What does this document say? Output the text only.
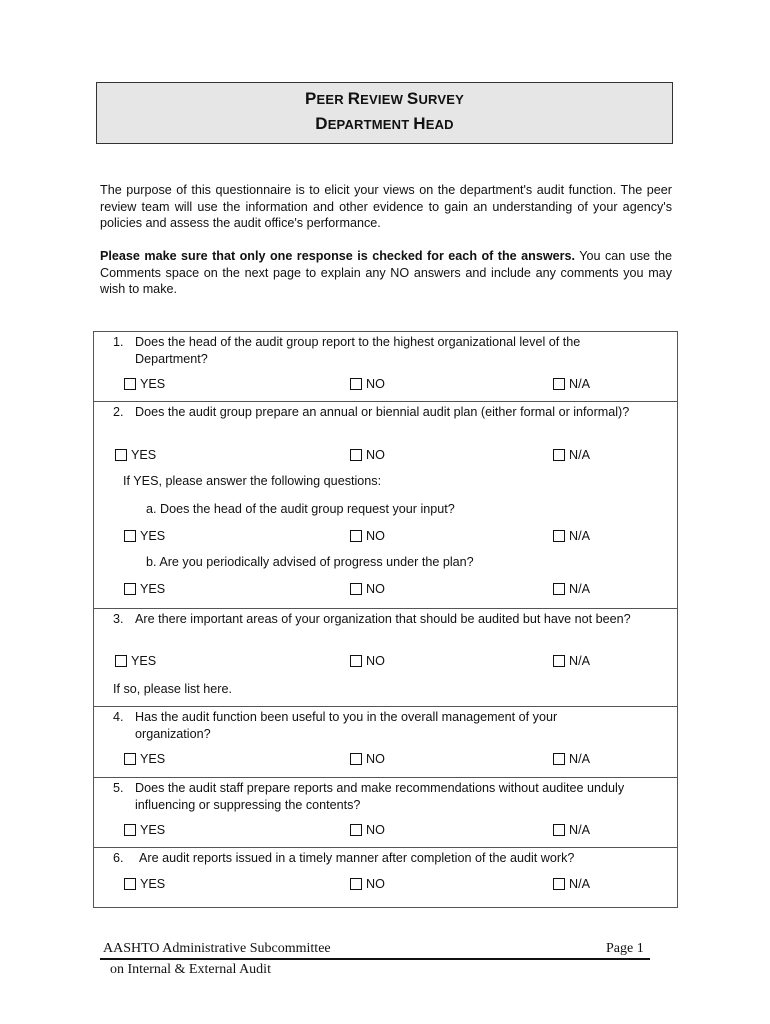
PEER REVIEW SURVEY
DEPARTMENT HEAD
The purpose of this questionnaire is to elicit your views on the department's audit function. The peer review team will use the information and other evidence to gain an understanding of your agency's policies and assess the audit office's performance.
Please make sure that only one response is checked for each of the answers. You can use the Comments space on the next page to explain any NO answers and include any comments you may wish to make.
1. Does the head of the audit group report to the highest organizational level of the Department?
YES	NO	N/A
2. Does the audit group prepare an annual or biennial audit plan (either formal or informal)?
YES	NO	N/A
If YES, please answer the following questions:
a. Does the head of the audit group request your input?
YES	NO	N/A
b. Are you periodically advised of progress under the plan?
YES	NO	N/A
3. Are there important areas of your organization that should be audited but have not been?
YES	NO	N/A
If so, please list here.
4. Has the audit function been useful to you in the overall management of your organization?
YES	NO	N/A
5. Does the audit staff prepare reports and make recommendations without auditee unduly influencing or suppressing the contents?
YES	NO	N/A
6. Are audit reports issued in a timely manner after completion of the audit work?
YES	NO	N/A
AASHTO Administrative Subcommittee	Page 1
on Internal & External Audit
